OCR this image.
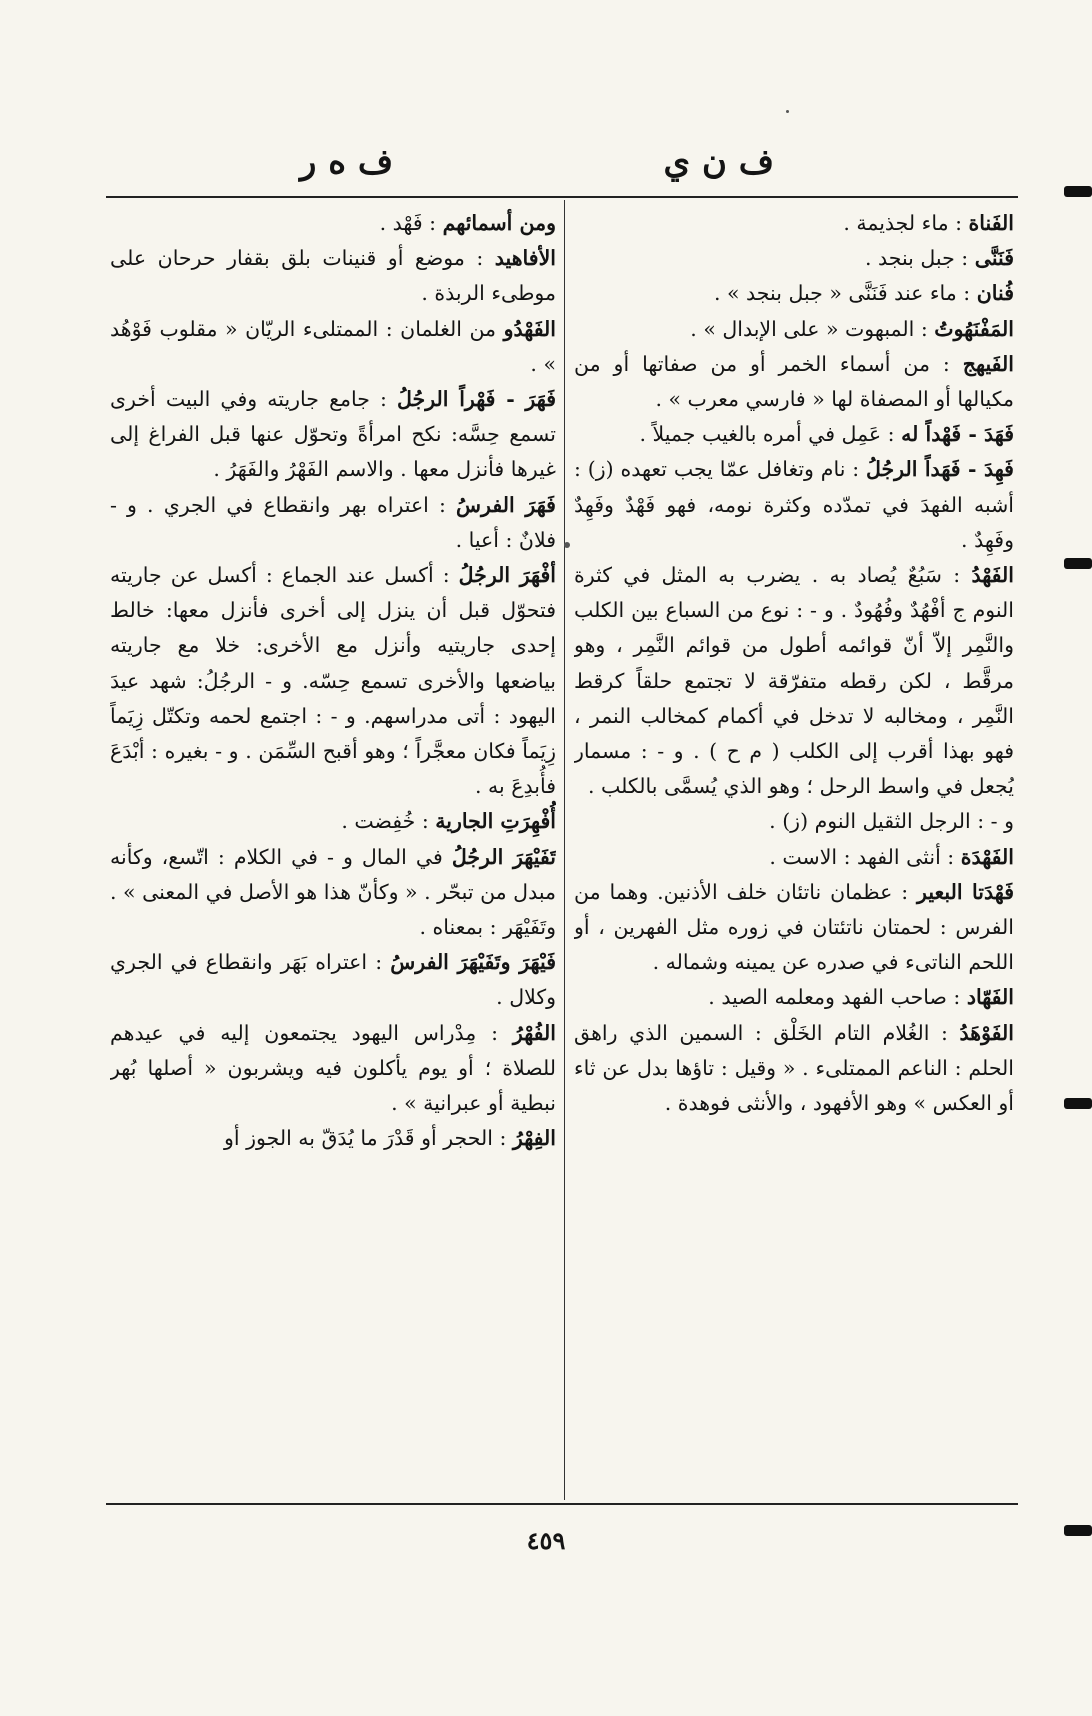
ف ن ي
ف ه ر

الفَناة : ماء لجذيمة .

فَنَنَّى : جبل بنجد .

فُنان : ماء عند فَنَنَّى « جبل بنجد » .

المَفْنَهُوتُ : المبهوت « على الإبدال » .

الفَيهج : من أسماء الخمر أو من صفاتها أو من مكيالها أو المصفاة لها « فارسي معرب » .

فَهَدَ - فَهْداً له : عَمِل في أمره بالغيب جميلاً .

فَهِدَ - فَهَداً الرجُلُ : نام وتغافل عمّا يجب تعهده (ز) : أشبه الفهدَ في تمدّده وكثرة نومه، فهو فَهْدٌ وفَهِدٌ وفَهِدٌ .

الفَهْدُ : سَبُعٌ يُصاد به . يضرب به المثل في كثرة النوم ج أفْهُدٌ وفُهُودٌ . و - : نوع من السباع بين الكلب والنَّمِر إلاّ أنّ قوائمه أطول من قوائم النَّمِر ، وهو مرقَّط ، لكن رقطه متفرّقة لا تجتمع حلقاً كرقط النَّمِر ، ومخالبه لا تدخل في أكمام كمخالب النمر ، فهو بهذا أقرب إلى الكلب ( م ح ) . و - : مسمار يُجعل في واسط الرحل ؛ وهو الذي يُسمَّى بالكلب .

و - : الرجل الثقيل النوم (ز) .

الفَهْدَة : أنثى الفهد : الاست .

فَهْدَتا البعير : عظمان ناتئان خلف الأذنين. وهما من الفرس : لحمتان ناتئتان في زوره مثل الفهرين ، أو اللحم الناتىء في صدره عن يمينه وشماله .

الفَهّاد : صاحب الفهد ومعلمه الصيد .

الفَوْهَدُ : الغُلام التام الخَلْق : السمين الذي راهق الحلم : الناعم الممتلىء . « وقيل : تاؤها بدل عن ثاء أو العكس » وهو الأفهود ، والأنثى فوهدة .

ومن أسمائهم : فَهْد .

الأفاهيد : موضع أو قنينات بلق بقفار حرحان على موطىء الربذة .

الفَهْدُو من الغلمان : الممتلىء الريّان « مقلوب فَوْهُد » .

فَهَرَ - فَهْراً الرجُلُ : جامع جاريته وفي البيت أخرى تسمع حِسَّه: نكح امرأةً وتحوّل عنها قبل الفراغ إلى غيرها فأنزل معها . والاسم الفَهْرُ والفَهَرُ .

فَهَرَ الفرسُ : اعتراه بهر وانقطاع في الجري . و - فلانٌ : أعيا .

أفْهَرَ الرجُلُ : أكسل عند الجماع : أكسل عن جاريته فتحوّل قبل أن ينزل إلى أخرى فأنزل معها: خالط إحدى جاريتيه وأنزل مع الأخرى: خلا مع جاريته بياضعها والأخرى تسمع حِسّه. و - الرجُلُ: شهد عيدَ اليهود : أتى مدراسهم. و - : اجتمع لحمه وتكتّل زِيَماً زِيَماً فكان معجَّراً ؛ وهو أقبح السِّمَن . و - بغيره : أبْدَعَ فأُبدِعَ به .

أُفْهِرَتِ الجارية : خُفِضت .

تَفَيْهَرَ الرجُلُ في المال و - في الكلام : اتّسع، وكأنه مبدل من تبحّر . « وكأنّ هذا هو الأصل في المعنى » . وتَفَيْهَر : بمعناه .

فَيْهَرَ وتَفَيْهَرَ الفرسُ : اعتراه بَهَر وانقطاع في الجري وكلال .

الفُهْرُ : مِدْراس اليهود يجتمعون إليه في عيدهم للصلاة ؛ أو يوم يأكلون فيه ويشربون « أصلها بُهر نبطية أو عبرانية » .

الفِهْرُ : الحجر أو قَدْرَ ما يُدَقّ به الجوز أو

٤٥٩
